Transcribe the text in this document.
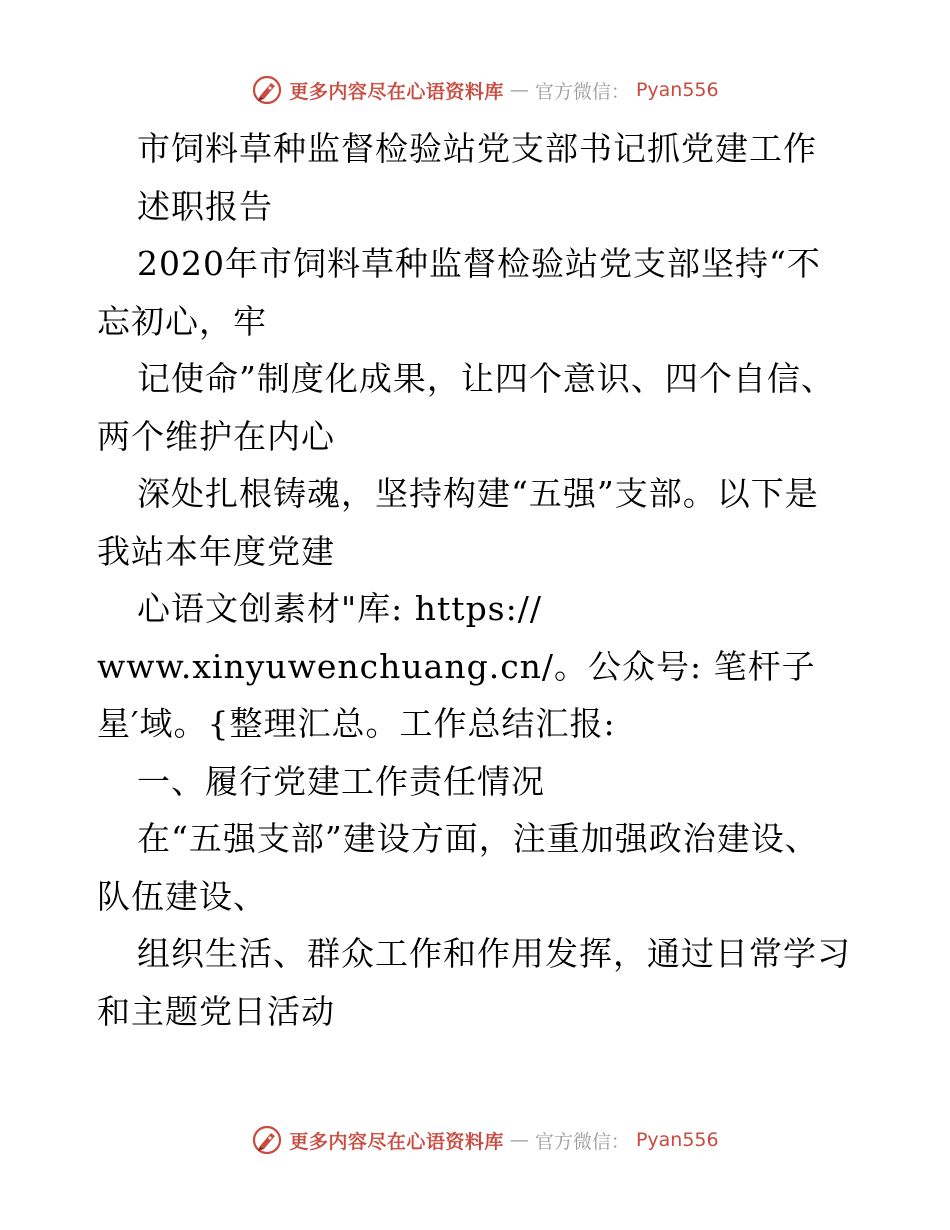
更多内容尽在心语资料库 — 官方微信： Pyan556
市饲料草种监督检验站党支部书记抓党建工作
述职报告
2020年市饲料草种监督检验站党支部坚持“不
忘初心，牢
记使命”制度化成果，让四个意识、四个自信、
两个维护在内心
深处扎根铸魂，坚持构建“五强”支部。以下是
我站本年度党建
心语文创素材"库: https://
www.xinyuwenchuang.cn/。公众号: 笔杆子
星′域。{整理汇总。工作总结汇报:
一、履行党建工作责任情况
在“五强支部”建设方面，注重加强政治建设、
队伍建设、
组织生活、群众工作和作用发挥，通过日常学习
和主题党日活动
更多内容尽在心语资料库 — 官方微信： Pyan556
